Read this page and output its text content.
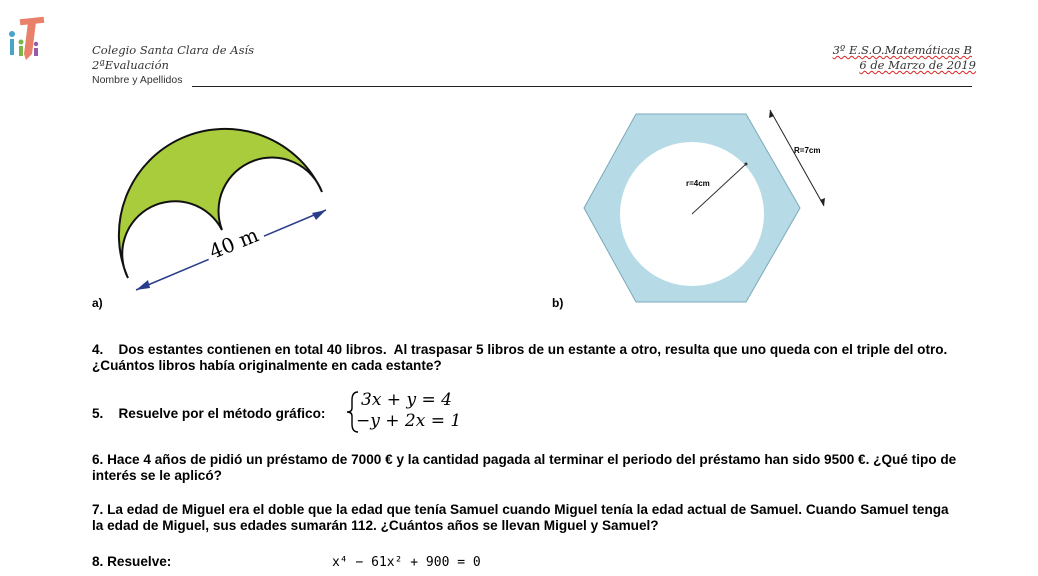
Colegio Santa Clara de Asís
2ªEvaluación
Nombre y Apellidos
3º E.S.O.Matemáticas B
6 de Marzo de 2019
40 m
a)
r=4cm
R=7cm
b)
4.    Dos estantes contienen en total 40 libros.  Al traspasar 5 libros de un estante a otro, resulta que uno queda con el triple del otro.
¿Cuántos libros había originalmente en cada estante?
5.    Resuelve por el método gráfico:
3x + y = 4
−y + 2x = 1
6. Hace 4 años de pidió un préstamo de 7000 € y la cantidad pagada al terminar el periodo del préstamo han sido 9500 €. ¿Qué tipo de
interés se le aplicó?
7. La edad de Miguel era el doble que la edad que tenía Samuel cuando Miguel tenía la edad actual de Samuel. Cuando Samuel tenga
la edad de Miguel, sus edades sumarán 112. ¿Cuántos años se llevan Miguel y Samuel?
8. Resuelve:	x⁴ − 61x² + 900 = 0
